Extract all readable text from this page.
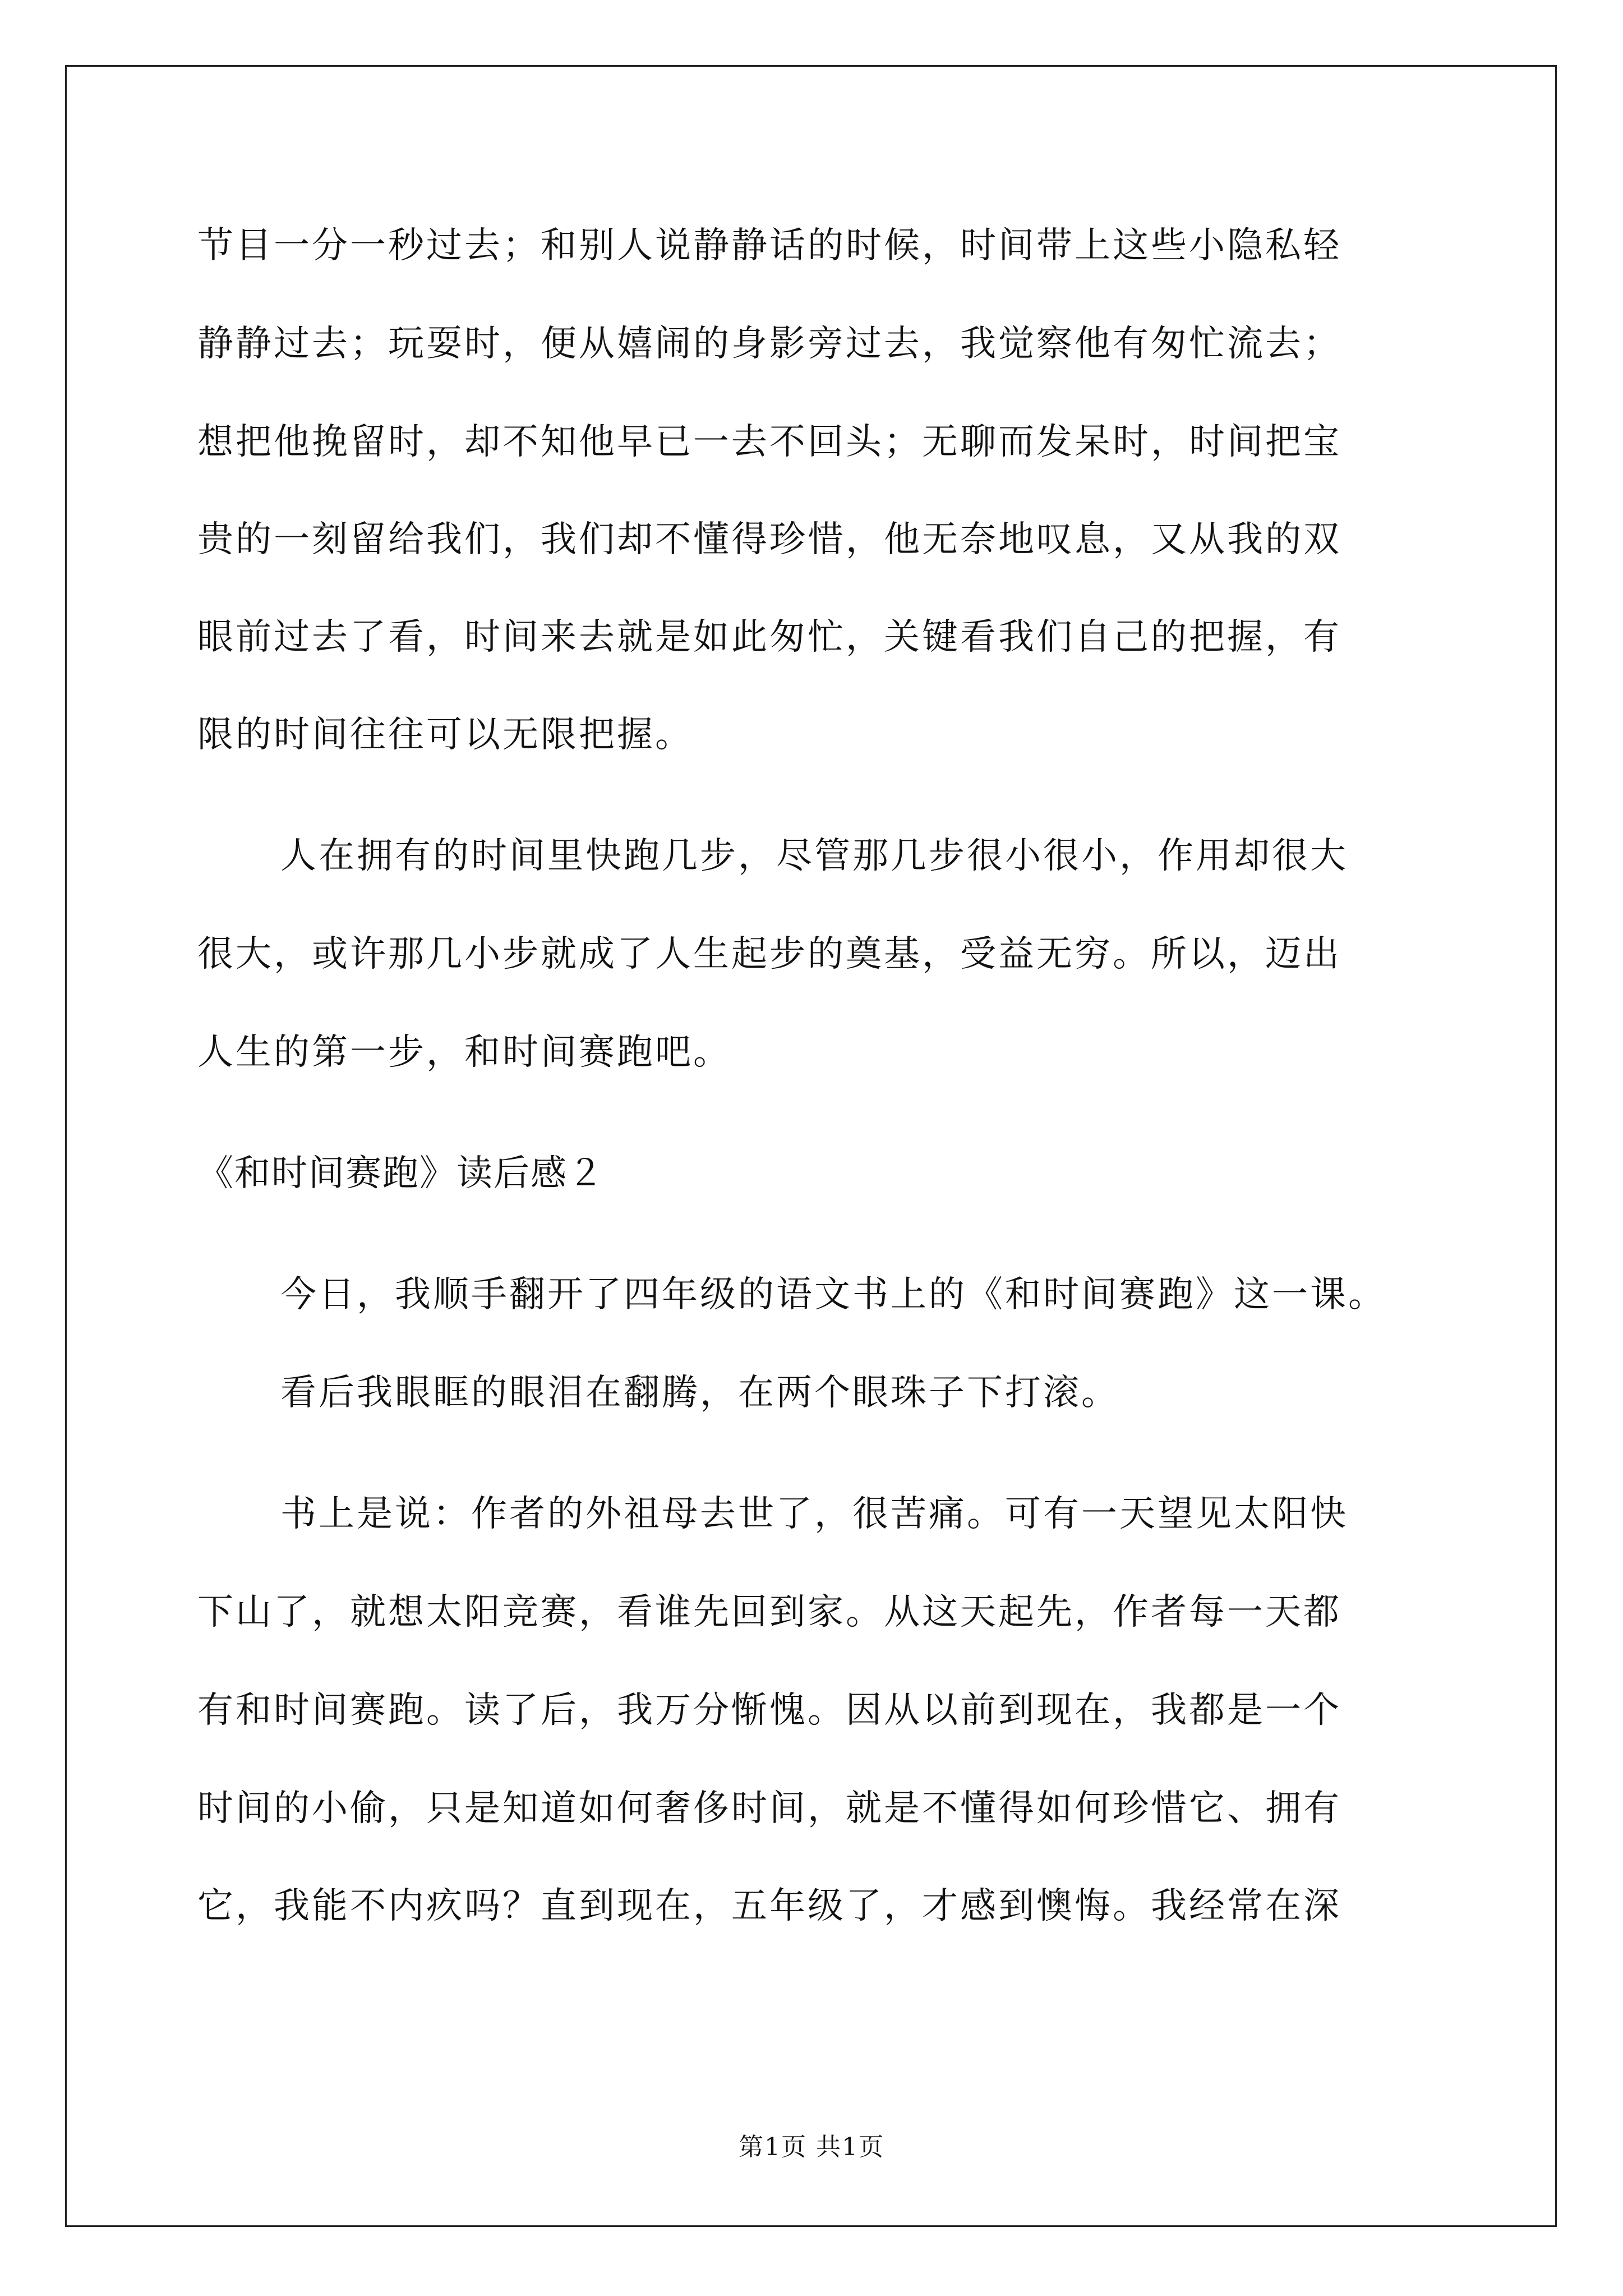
节目一分一秒过去；和别人说静静话的时候，时间带上这些小隐私轻
静静过去；玩耍时，便从嬉闹的身影旁过去，我觉察他有匆忙流去；
想把他挽留时，却不知他早已一去不回头；无聊而发呆时，时间把宝
贵的一刻留给我们，我们却不懂得珍惜，他无奈地叹息，又从我的双
眼前过去了看，时间来去就是如此匆忙，关键看我们自己的把握，有
限的时间往往可以无限把握。
人在拥有的时间里快跑几步，尽管那几步很小很小，作用却很大
很大，或许那几小步就成了人生起步的奠基，受益无穷。所以，迈出
人生的第一步，和时间赛跑吧。
《和时间赛跑》读后感２
今日，我顺手翻开了四年级的语文书上的《和时间赛跑》这一课。
看后我眼眶的眼泪在翻腾，在两个眼珠子下打滚。
书上是说：作者的外祖母去世了，很苦痛。可有一天望见太阳快
下山了，就想太阳竞赛，看谁先回到家。从这天起先，作者每一天都
有和时间赛跑。读了后，我万分惭愧。因从以前到现在，我都是一个
时间的小偷，只是知道如何奢侈时间，就是不懂得如何珍惜它、拥有
它，我能不内疚吗？直到现在，五年级了，才感到懊悔。我经常在深
第1页 共1页
